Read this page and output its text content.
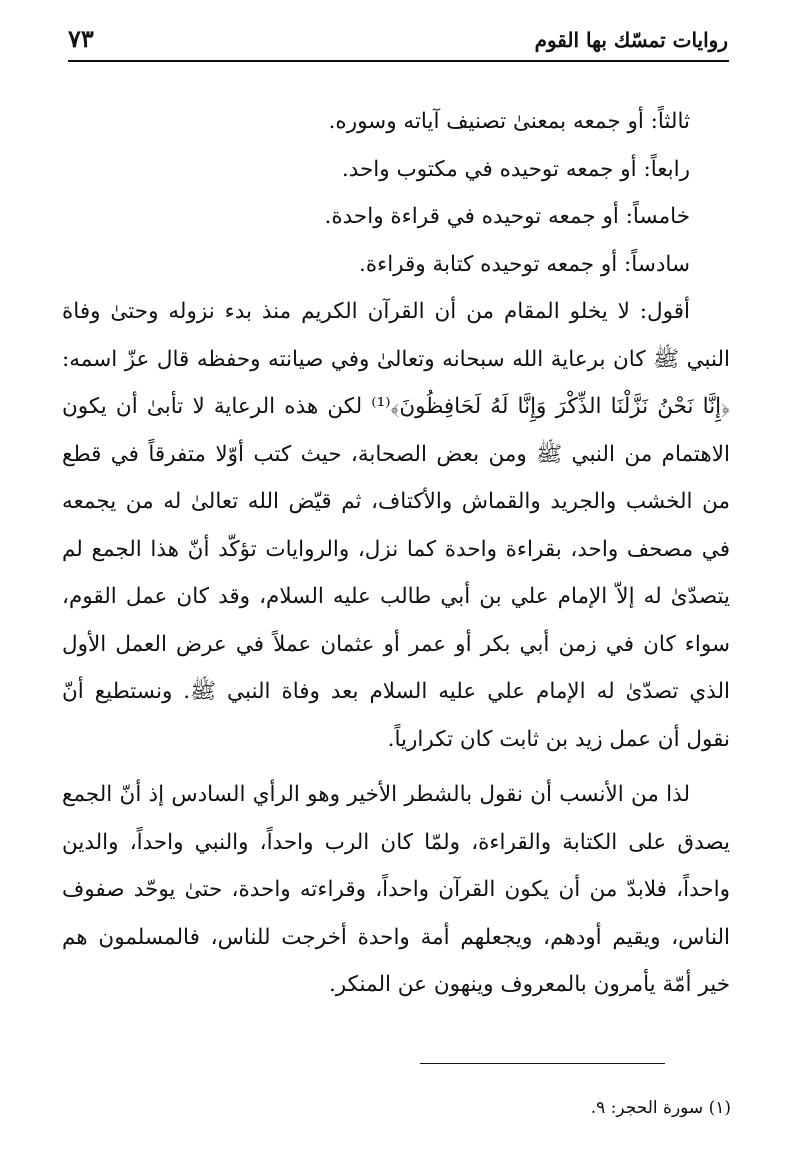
روايات تمسّك بها القوم
٧٣
ثالثاً: أو جمعه بمعنىٰ تصنيف آياته وسوره.
رابعاً: أو جمعه توحيده في مكتوب واحد.
خامساً: أو جمعه توحيده في قراءة واحدة.
سادساً: أو جمعه توحيده كتابة وقراءة.

أقول: لا يخلو المقام من أن القرآن الكريم منذ بدء نزوله وحتىٰ وفاة النبي ﷺ كان برعاية الله سبحانه وتعالىٰ وفي صيانته وحفظه قال عزّ اسمه: ﴿إِنَّا نَحْنُ نَزَّلْنَا الذِّكْرَ وَإِنَّا لَهُ لَحَافِظُونَ﴾⁽¹⁾ لكن هذه الرعاية لا تأبىٰ أن يكون الاهتمام من النبي ﷺ ومن بعض الصحابة، حيث كتب أوّلا متفرقاً في قطع من الخشب والجريد والقماش والأكتاف، ثم قيّض الله تعالىٰ له من يجمعه في مصحف واحد، بقراءة واحدة كما نزل، والروايات تؤكّد أنّ هذا الجمع لم يتصدّىٰ له إلاّ الإمام علي بن أبي طالب عليه السلام، وقد كان عمل القوم، سواء كان في زمن أبي بكر أو عمر أو عثمان عملاً في عرض العمل الأول الذي تصدّىٰ له الإمام علي عليه السلام بعد وفاة النبي ﷺ. ونستطيع أنّ نقول أن عمل زيد بن ثابت كان تكرارياً.

لذا من الأنسب أن نقول بالشطر الأخير وهو الرأي السادس إذ أنّ الجمع يصدق على الكتابة والقراءة، ولمّا كان الرب واحداً، والنبي واحداً، والدين واحداً، فلابدّ من أن يكون القرآن واحداً، وقراءته واحدة، حتىٰ يوحّد صفوف الناس، ويقيم أودهم، ويجعلهم أمة واحدة أخرجت للناس، فالمسلمون هم خير أمّة يأمرون بالمعروف وينهون عن المنكر.

(١) سورة الحجر: ٩.
